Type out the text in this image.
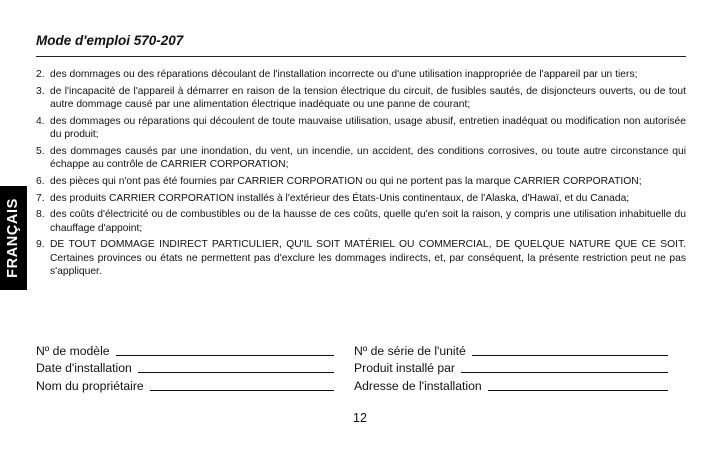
Mode d'emploi 570-207
FRANÇAIS
2. des dommages ou des réparations découlant de l'installation incorrecte ou d'une utilisation inappropriée de l'appareil par un tiers;
3. de l'incapacité de l'appareil à démarrer en raison de la tension électrique du circuit, de fusibles sautés, de disjoncteurs ouverts, ou de tout autre dommage causé par une alimentation électrique inadéquate ou une panne de courant;
4. des dommages ou réparations qui découlent de toute mauvaise utilisation, usage abusif, entretien inadéquat ou modification non autorisée du produit;
5. des dommages causés par une inondation, du vent, un incendie, un accident, des conditions corrosives, ou toute autre circonstance qui échappe au contrôle de CARRIER CORPORATION;
6. des pièces qui n'ont pas été fournies par CARRIER CORPORATION ou qui ne portent pas la marque CARRIER CORPORATION;
7. des produits CARRIER CORPORATION installés à l'extérieur des États-Unis continentaux, de l'Alaska, d'Hawaï, et du Canada;
8. des coûts d'électricité ou de combustibles ou de la hausse de ces coûts, quelle qu'en soit la raison, y compris une utilisation inhabituelle du chauffage d'appoint;
9. DE TOUT DOMMAGE INDIRECT PARTICULIER, QU'IL SOIT MATÉRIEL OU COMMERCIAL, DE QUELQUE NATURE QUE CE SOIT. Certaines provinces ou états ne permettent pas d'exclure les dommages indirects, et, par conséquent, la présente restriction peut ne pas s'appliquer.
Nº de modèle	Nº de série de l'unité
Date d'installation	Produit installé par
Nom du propriétaire	Adresse de l'installation
12
